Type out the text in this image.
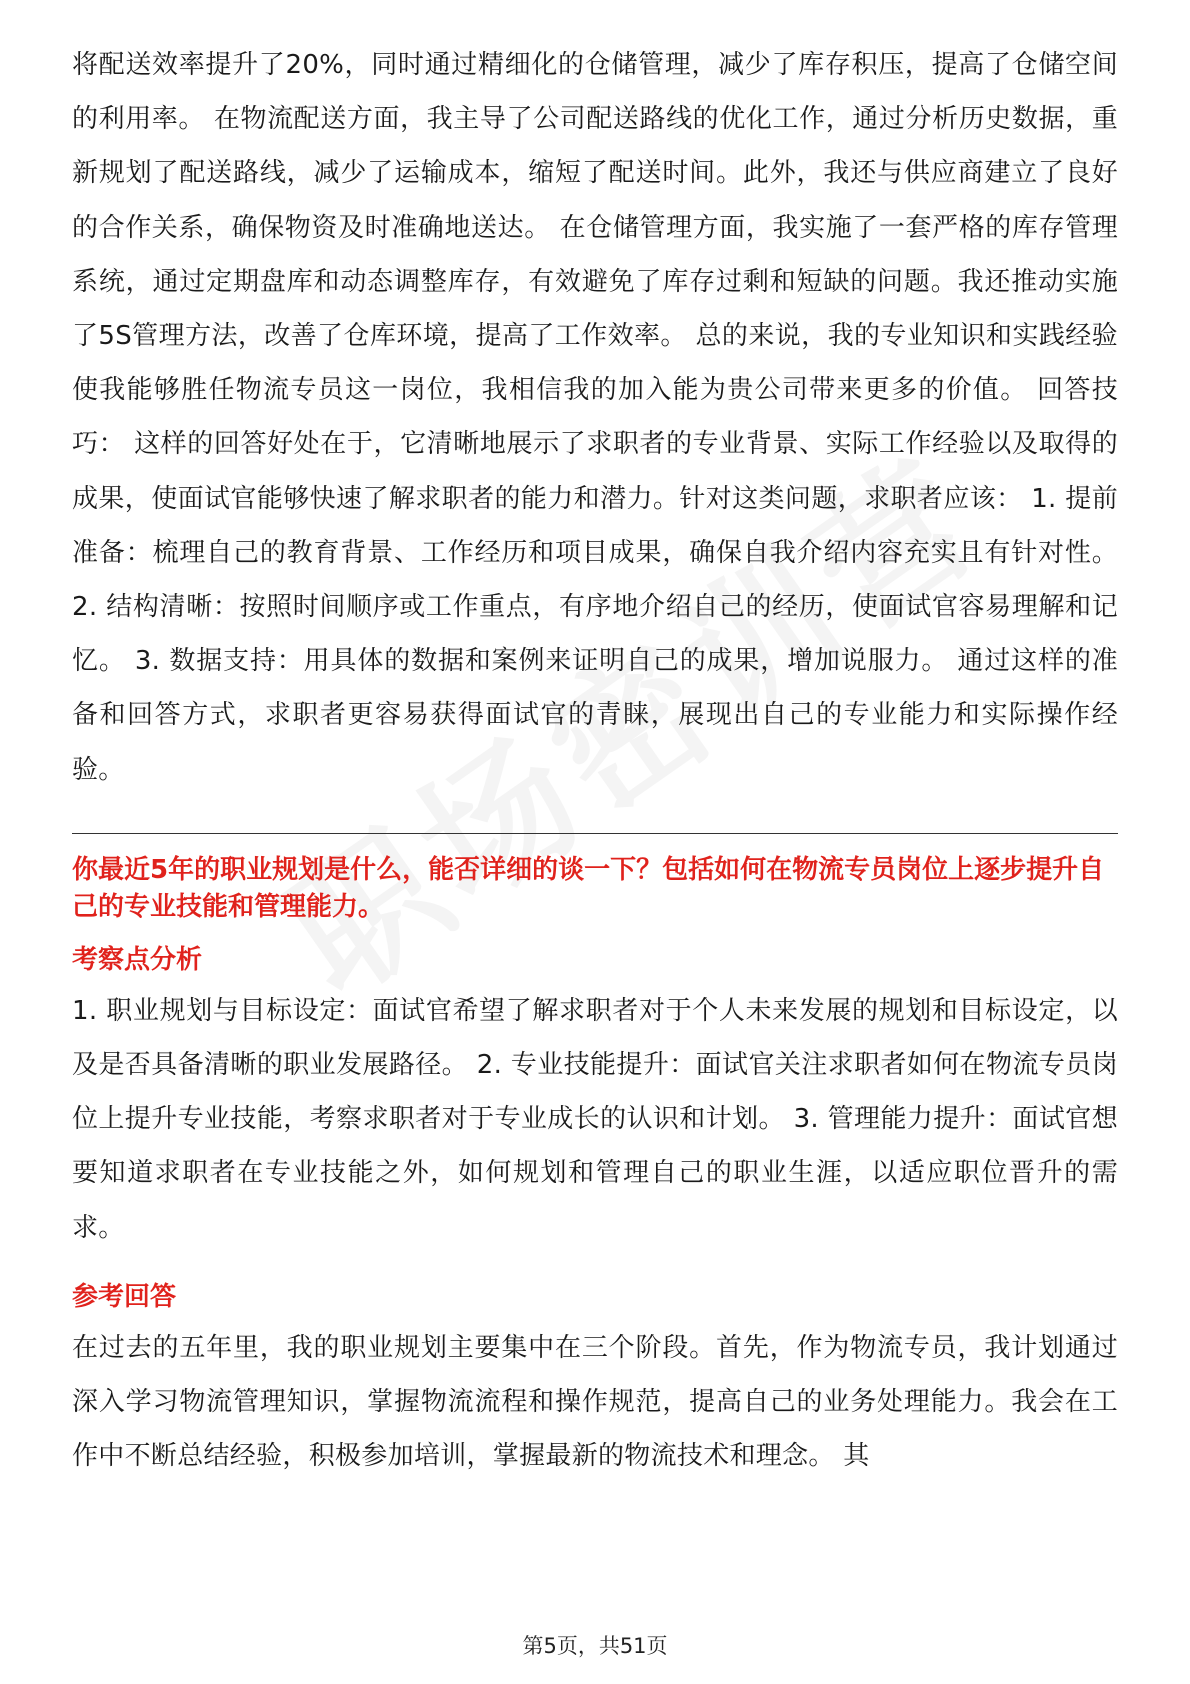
将配送效率提升了20%，同时通过精细化的仓储管理，减少了库存积压，提高了仓储空间的利用率。 在物流配送方面，我主导了公司配送路线的优化工作，通过分析历史数据，重新规划了配送路线，减少了运输成本，缩短了配送时间。此外，我还与供应商建立了良好的合作关系，确保物资及时准确地送达。 在仓储管理方面，我实施了一套严格的库存管理系统，通过定期盘库和动态调整库存，有效避免了库存过剩和短缺的问题。我还推动实施了5S管理方法，改善了仓库环境，提高了工作效率。 总的来说，我的专业知识和实践经验使我能够胜任物流专员这一岗位，我相信我的加入能为贵公司带来更多的价值。 回答技巧： 这样的回答好处在于，它清晰地展示了求职者的专业背景、实际工作经验以及取得的成果，使面试官能够快速了解求职者的能力和潜力。针对这类问题，求职者应该： 1. 提前准备：梳理自己的教育背景、工作经历和项目成果，确保自我介绍内容充实且有针对性。 2. 结构清晰：按照时间顺序或工作重点，有序地介绍自己的经历，使面试官容易理解和记忆。 3. 数据支持：用具体的数据和案例来证明自己的成果，增加说服力。 通过这样的准备和回答方式，求职者更容易获得面试官的青睐，展现出自己的专业能力和实际操作经验。

你最近5年的职业规划是什么，能否详细的谈一下？包括如何在物流专员岗位上逐步提升自己的专业技能和管理能力。
考察点分析

1. 职业规划与目标设定：面试官希望了解求职者对于个人未来发展的规划和目标设定，以及是否具备清晰的职业发展路径。 2. 专业技能提升：面试官关注求职者如何在物流专员岗位上提升专业技能，考察求职者对于专业成长的认识和计划。 3. 管理能力提升：面试官想要知道求职者在专业技能之外，如何规划和管理自己的职业生涯，以适应职位晋升的需求。

参考回答

在过去的五年里，我的职业规划主要集中在三个阶段。首先，作为物流专员，我计划通过深入学习物流管理知识，掌握物流流程和操作规范，提高自己的业务处理能力。我会在工作中不断总结经验，积极参加培训，掌握最新的物流技术和理念。 其

第5页，共51页
